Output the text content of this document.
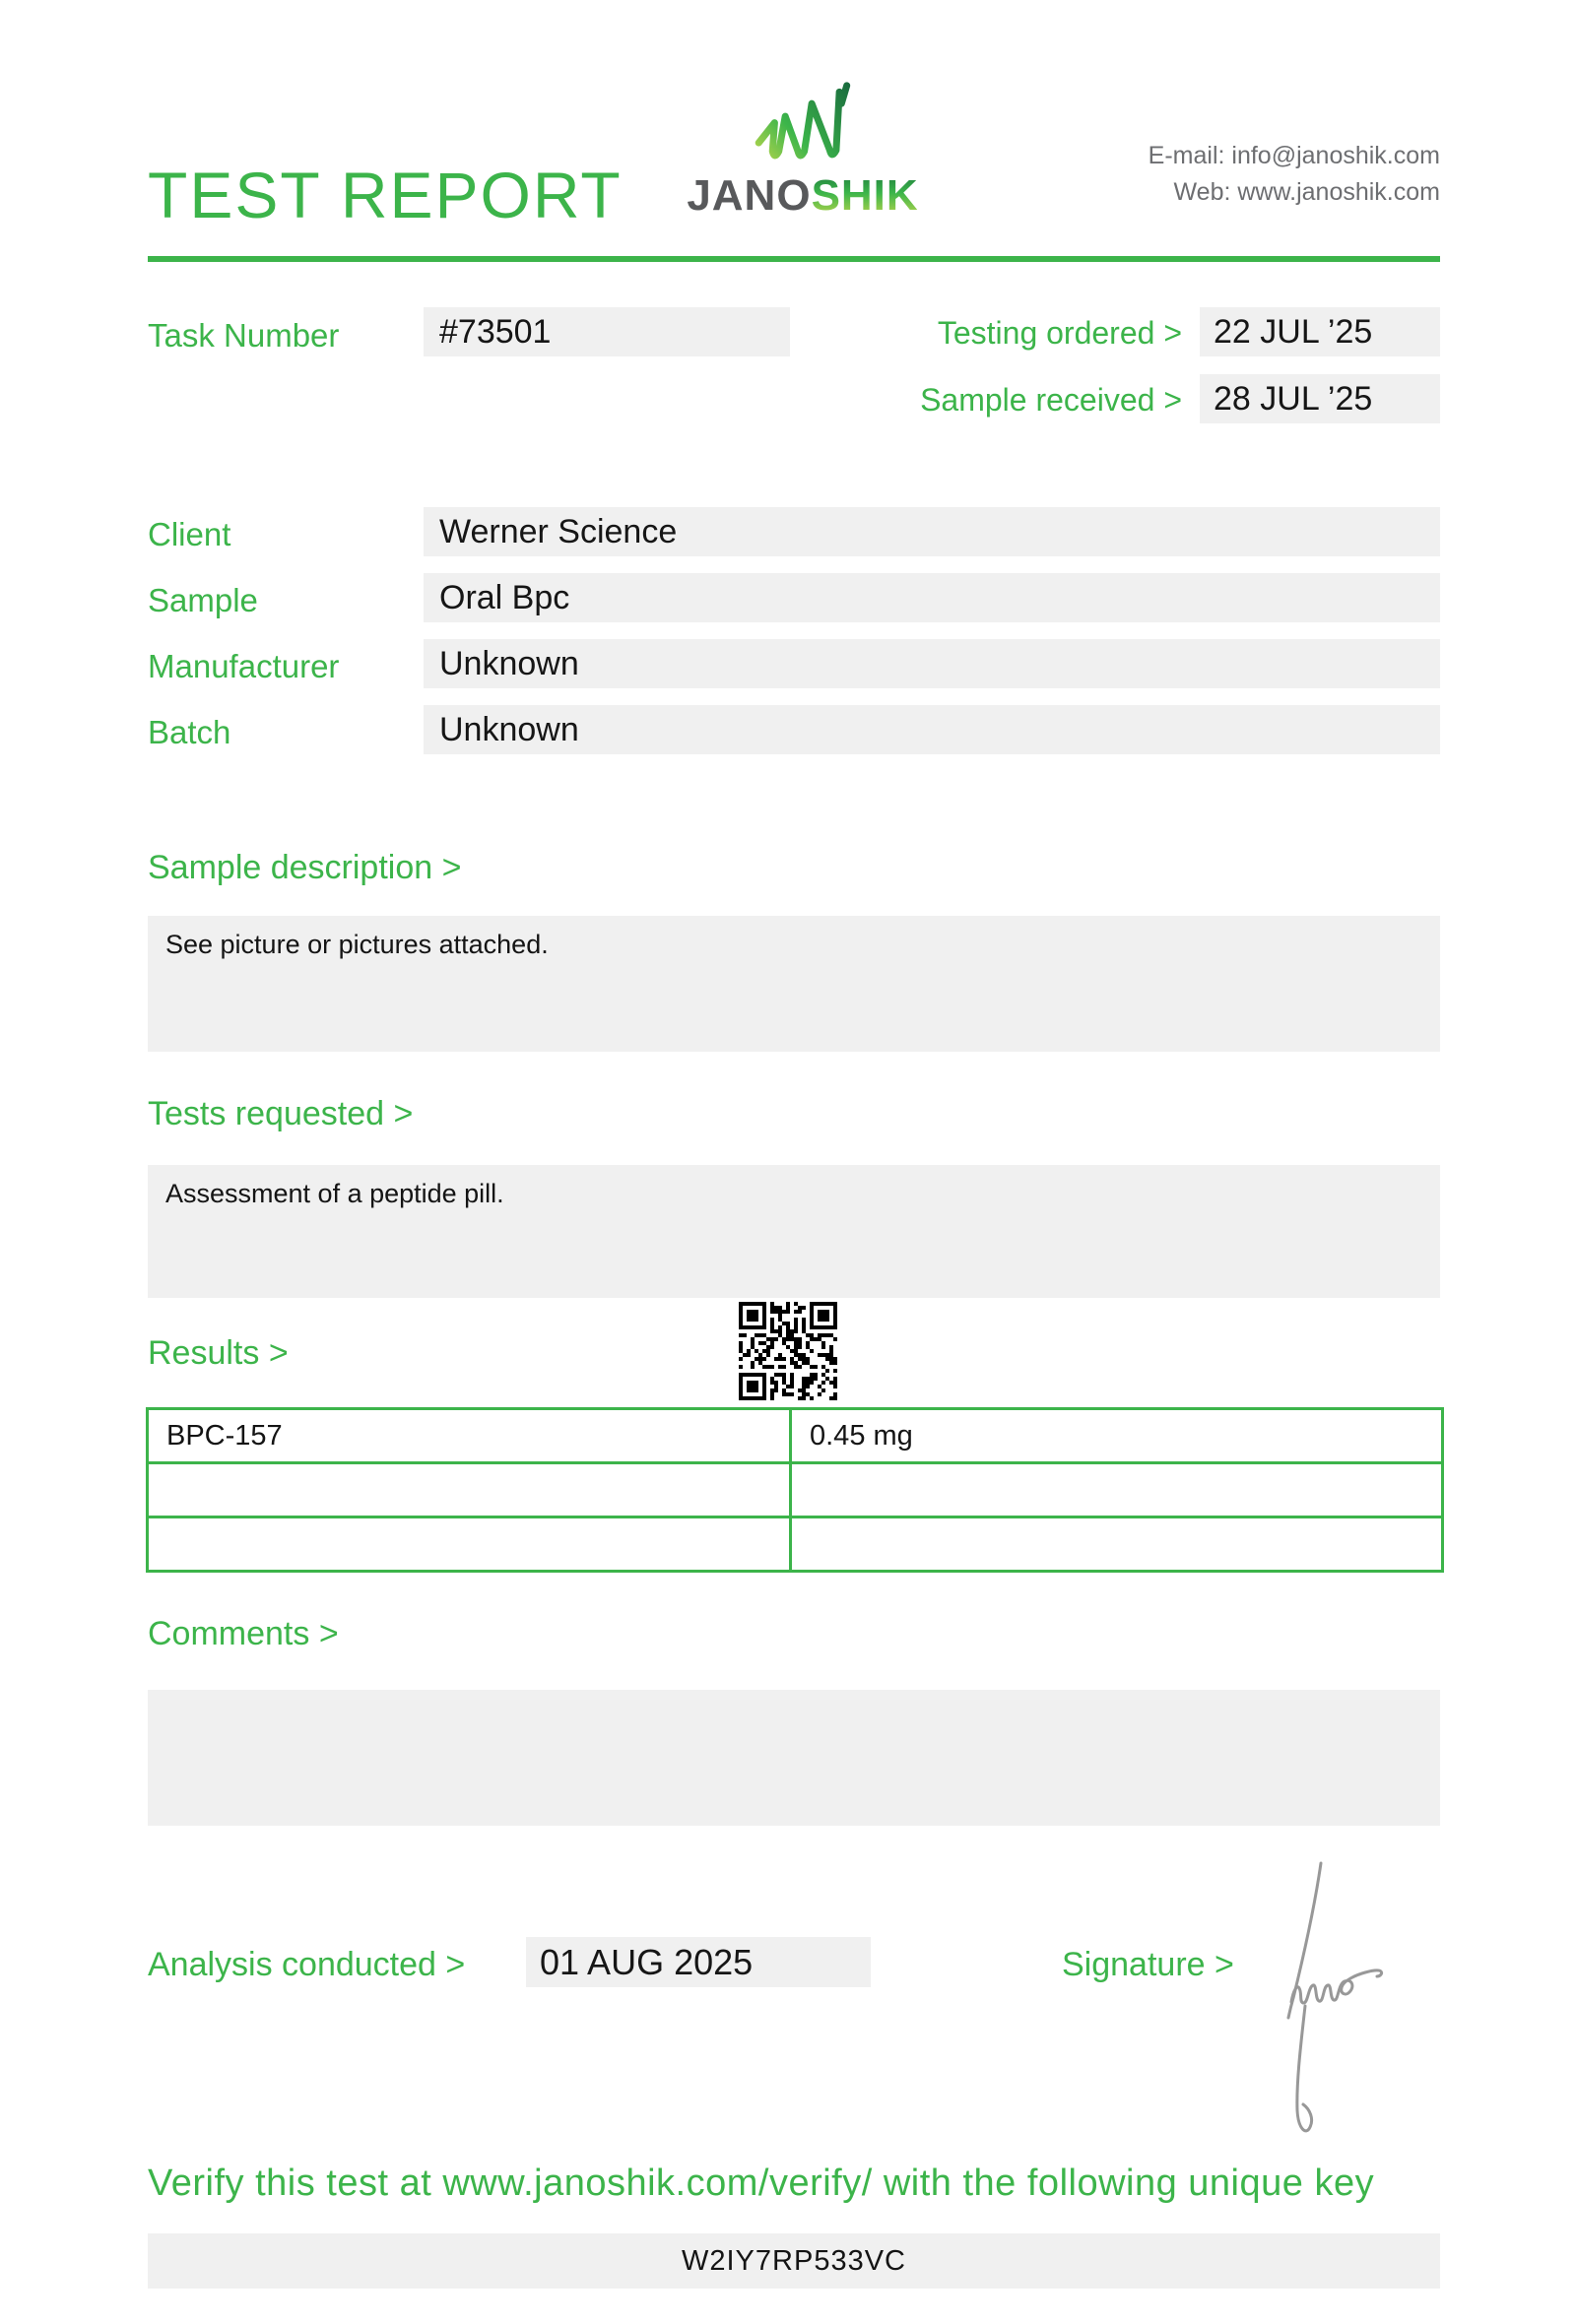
TEST REPORT JANOSHIK
E-mail: info@janoshik.com
Web: www.janoshik.com
Task Number	#73501	Testing ordered > 22 JUL ’25
Sample received > 28 JUL ’25
Client	Werner Science
Sample	Oral Bpc
Manufacturer	Unknown
Batch	Unknown
Sample description >
See picture or pictures attached.
Tests requested >
Assessment of a peptide pill.
Results >
BPC-157	0.45 mg

Comments >
Analysis conducted >	01 AUG 2025	Signature >
Verify this test at www.janoshik.com/verify/ with the following unique key
W2IY7RP533VC
